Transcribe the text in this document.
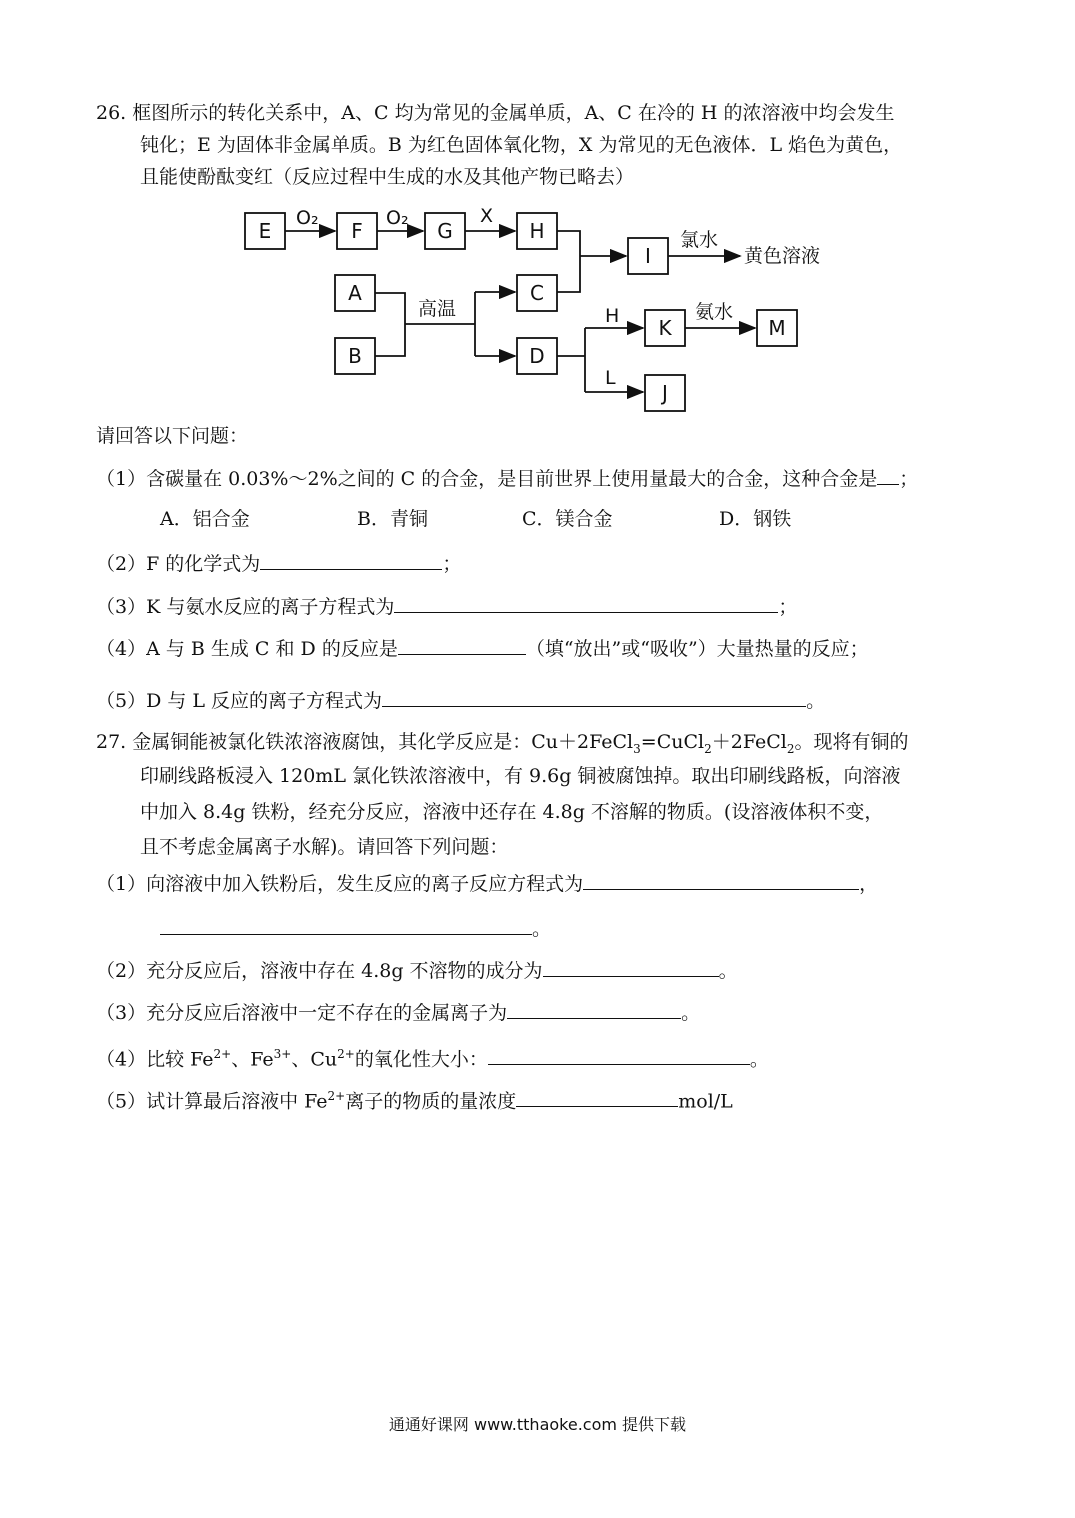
26. 框图所示的转化关系中，A、C 均为常见的金属单质，A、C 在冷的 H 的浓溶液中均会发生
钝化；E 为固体非金属单质。B 为红色固体氧化物，X 为常见的无色液体．L 焰色为黄色，
且能使酚酞变红（反应过程中生成的水及其他产物已略去）
E	F	G	H
I
A	C
B	D
K	M
J
O₂	O₂	X
氯水
黄色溶液
高温	H	氨水
L
请回答以下问题：
（1）含碳量在 0.03%～2%之间的 C 的合金，是目前世界上使用量最大的合金，这种合金是 ；
A．铝合金	B．青铜	C．镁合金	D．钢铁
（2）F 的化学式为	；
（3）K 与氨水反应的离子方程式为	；
（4）A 与 B 生成 C 和 D 的反应是	（填“放出”或“吸收”）大量热量的反应；
（5）D 与 L 反应的离子方程式为	。
27. 金属铜能被氯化铁浓溶液腐蚀，其化学反应是：Cu＋2FeCl$_3$=CuCl$_2$＋2FeCl$_2$。现将有铜的
印刷线路板浸入 120mL 氯化铁浓溶液中，有 9.6g 铜被腐蚀掉。取出印刷线路板，向溶液
中加入 8.4g 铁粉，经充分反应，溶液中还存在 4.8g 不溶解的物质。(设溶液体积不变，
且不考虑金属离子水解)。请回答下列问题：
（1）向溶液中加入铁粉后，发生反应的离子反应方程式为	，
。
（2）充分反应后，溶液中存在 4.8g 不溶物的成分为	。
（3）充分反应后溶液中一定不存在的金属离子为	。
（4）比较 $Fe^{2+}$、$Fe^{3+}$、$Cu^{2+}$的氧化性大小：	。
（5）试计算最后溶液中 $Fe^{2+}$离子的物质的量浓度	mol/L
通通好课网 www.tthaoke.com 提供下载
